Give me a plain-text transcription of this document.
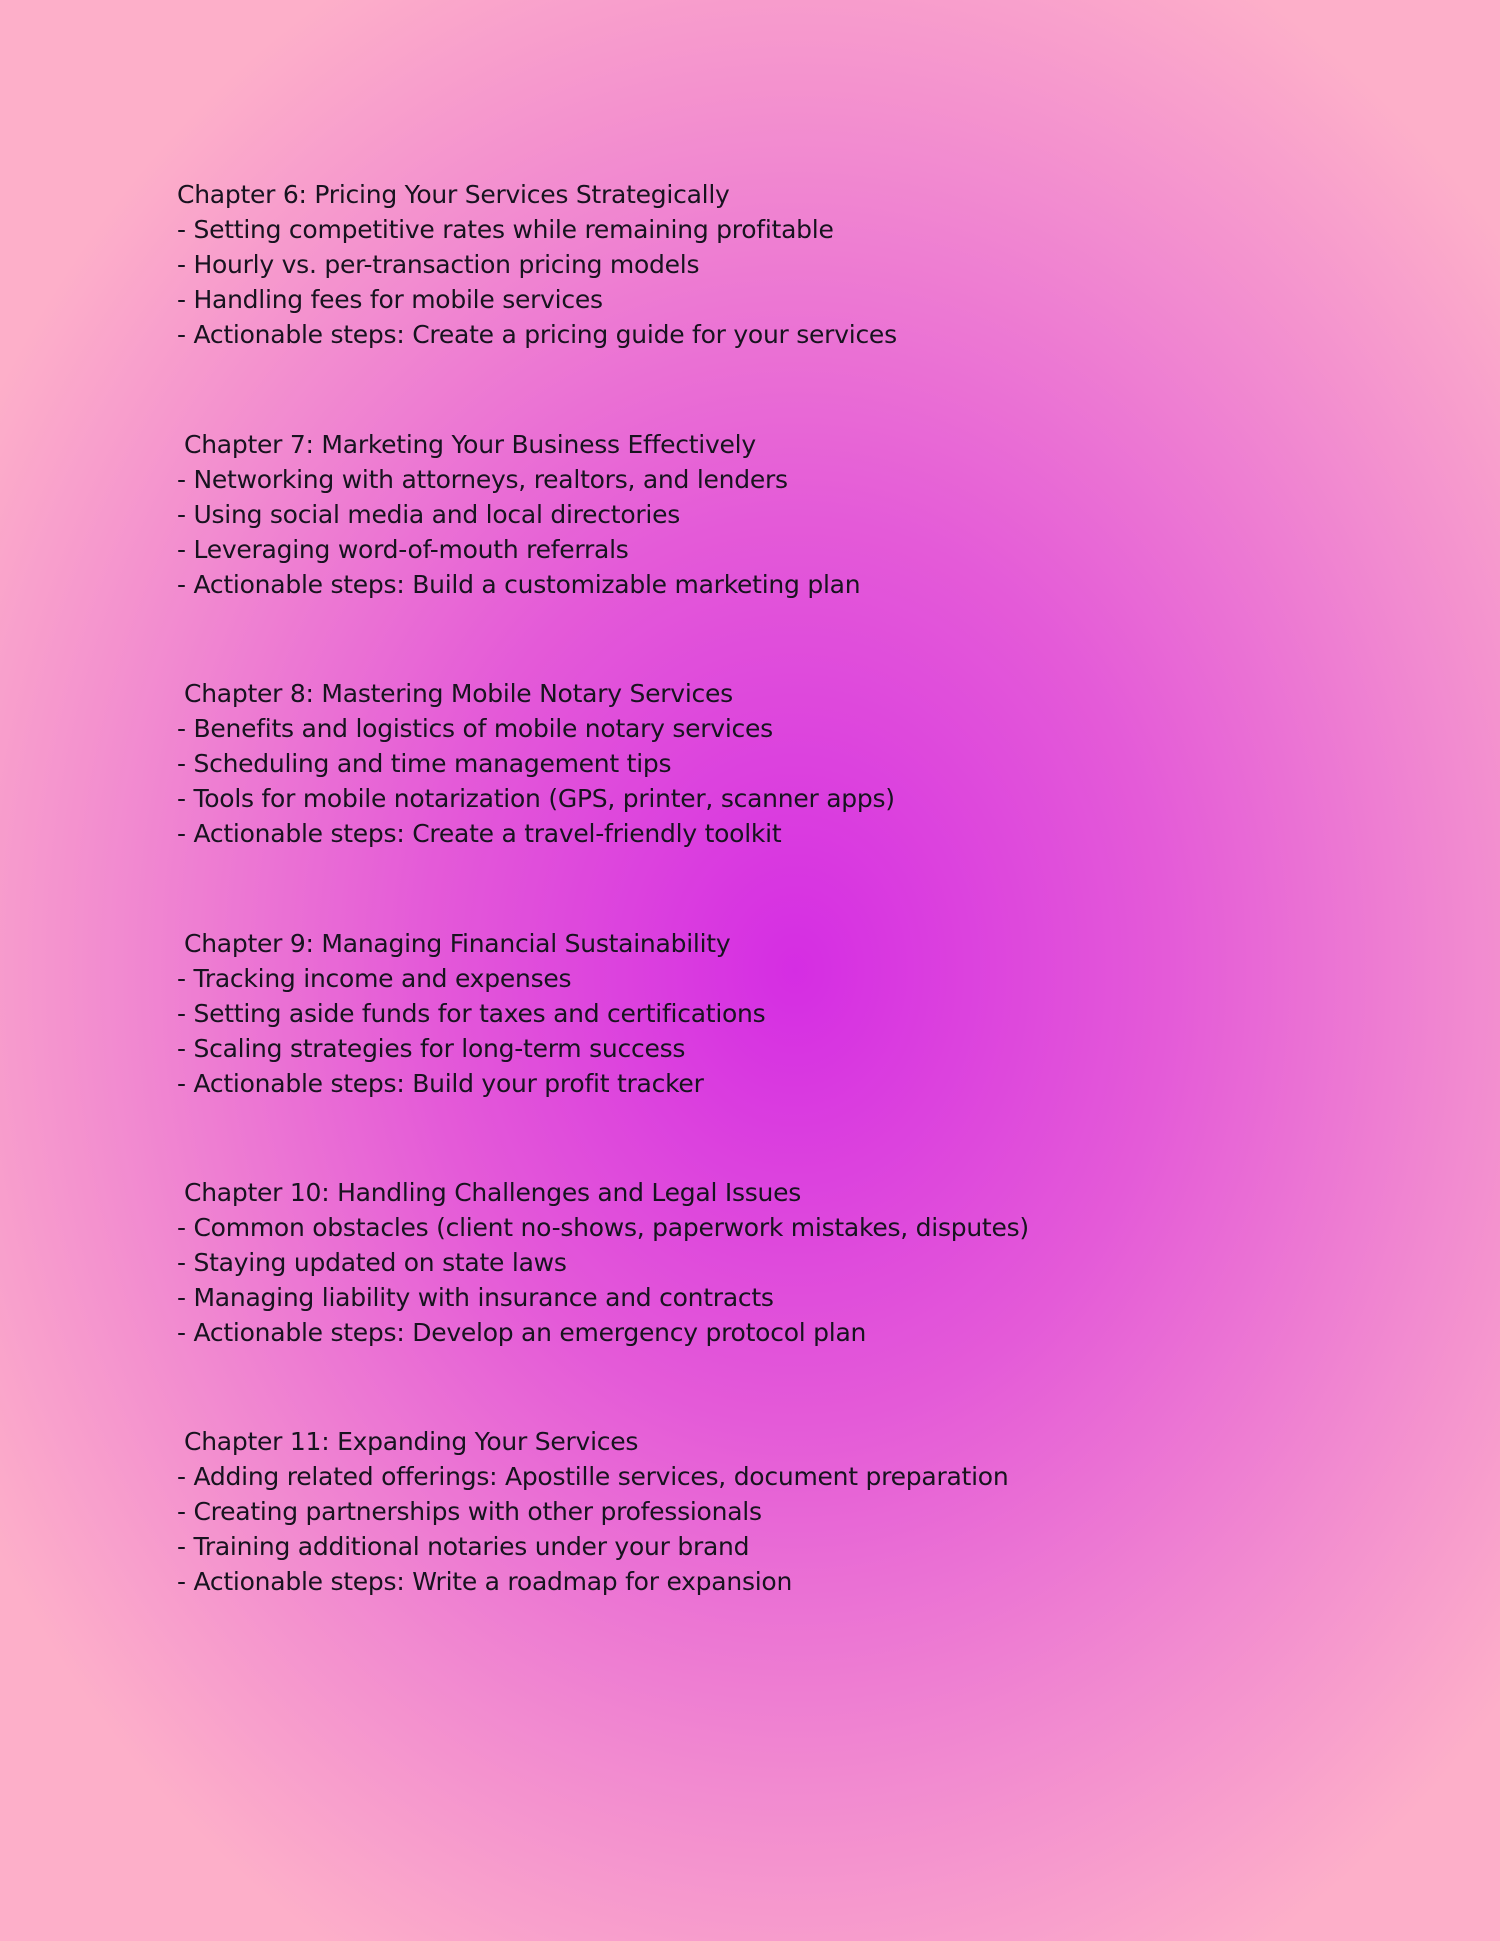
Chapter 6: Pricing Your Services Strategically
- Setting competitive rates while remaining profitable
- Hourly vs. per-transaction pricing models
- Handling fees for mobile services
- Actionable steps: Create a pricing guide for your services
Chapter 7: Marketing Your Business Effectively
- Networking with attorneys, realtors, and lenders
- Using social media and local directories
- Leveraging word-of-mouth referrals
- Actionable steps: Build a customizable marketing plan
Chapter 8: Mastering Mobile Notary Services
- Benefits and logistics of mobile notary services
- Scheduling and time management tips
- Tools for mobile notarization (GPS, printer, scanner apps)
- Actionable steps: Create a travel-friendly toolkit
Chapter 9: Managing Financial Sustainability
- Tracking income and expenses
- Setting aside funds for taxes and certifications
- Scaling strategies for long-term success
- Actionable steps: Build your profit tracker
Chapter 10: Handling Challenges and Legal Issues
- Common obstacles (client no-shows, paperwork mistakes, disputes)
- Staying updated on state laws
- Managing liability with insurance and contracts
- Actionable steps: Develop an emergency protocol plan
Chapter 11: Expanding Your Services
- Adding related offerings: Apostille services, document preparation
- Creating partnerships with other professionals
- Training additional notaries under your brand
- Actionable steps: Write a roadmap for expansion
